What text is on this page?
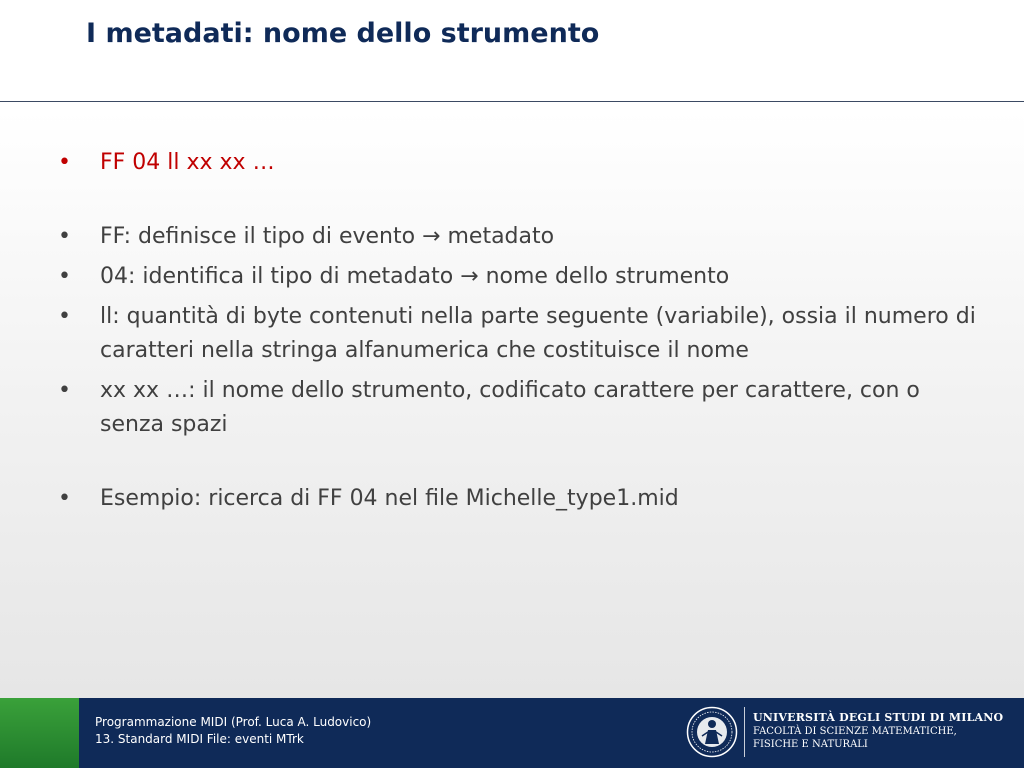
I metadati: nome dello strumento
• FF 04 ll xx xx …
• FF: definisce il tipo di evento → metadato
• 04: identifica il tipo di metadato → nome dello strumento
• ll: quantità di byte contenuti nella parte seguente (variabile), ossia il numero di caratteri nella stringa alfanumerica che costituisce il nome
• xx xx …: il nome dello strumento, codificato carattere per carattere, con o senza spazi
• Esempio: ricerca di FF 04 nel file Michelle_type1.mid
Programmazione MIDI (Prof. Luca A. Ludovico)
13. Standard MIDI File: eventi MTrk
UNIVERSITÀ DEGLI STUDI DI MILANO
FACOLTÀ DI SCIENZE MATEMATICHE,
FISICHE E NATURALI
